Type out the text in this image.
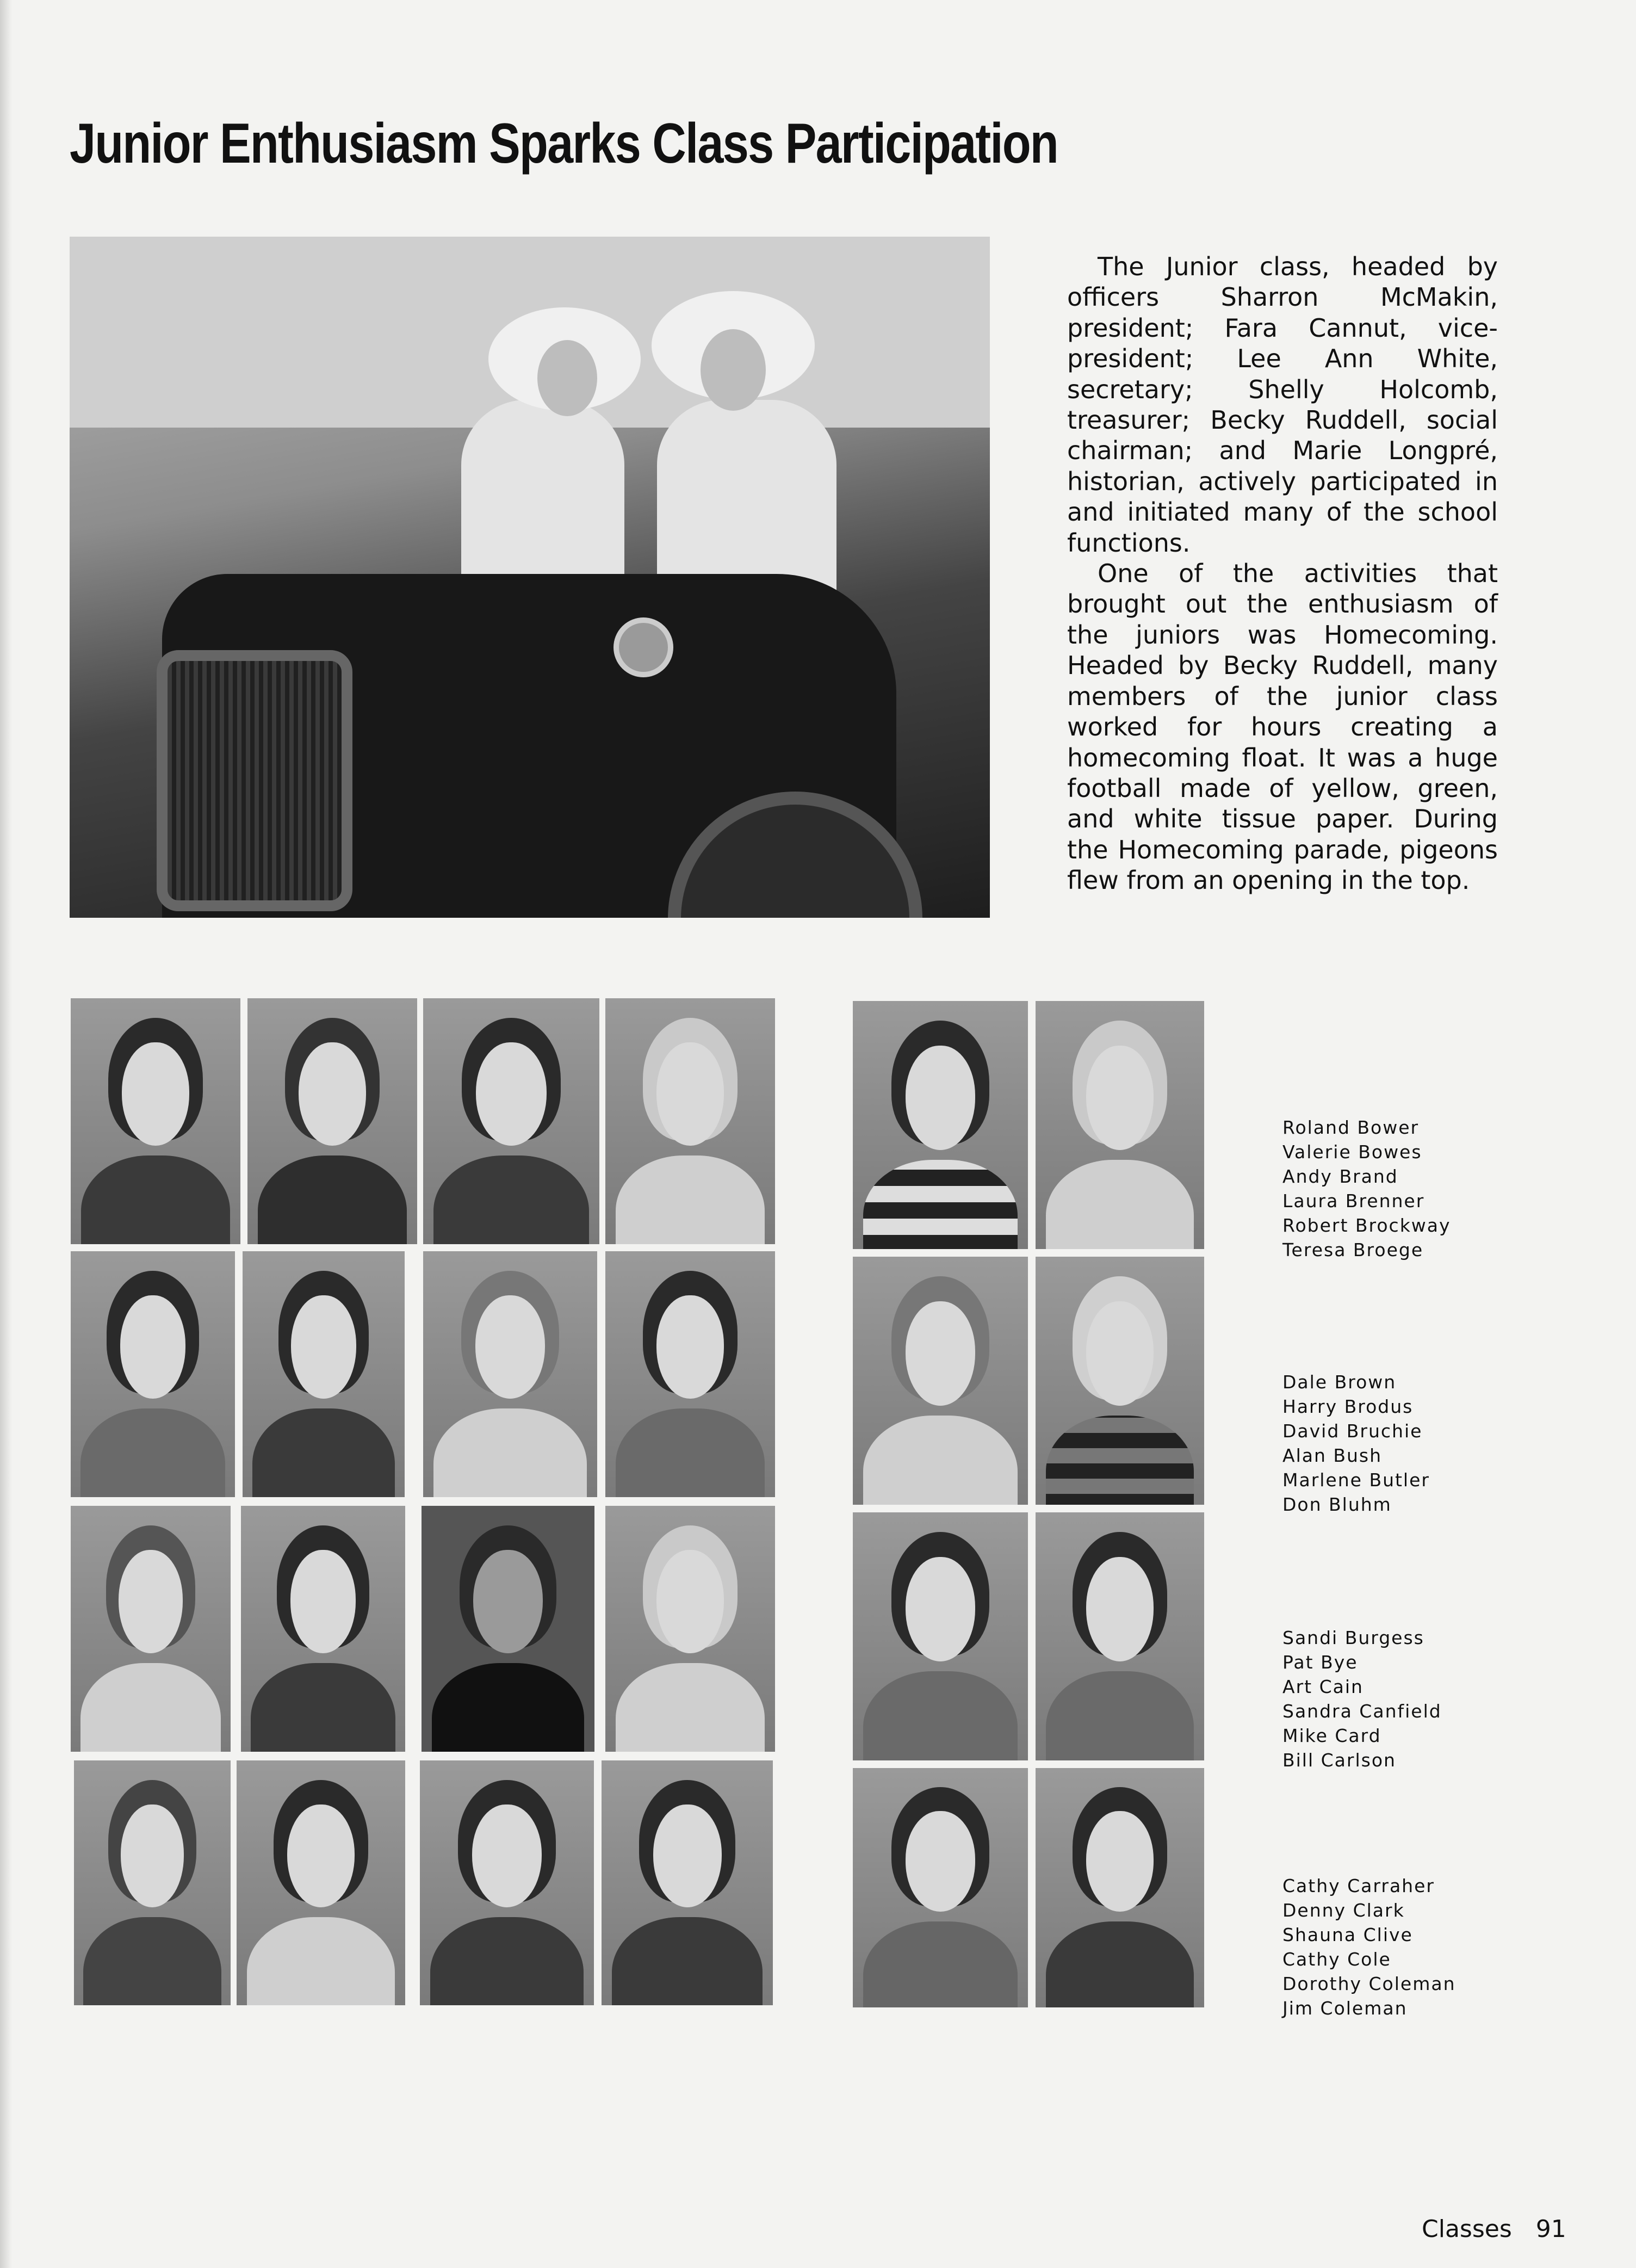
Junior Enthusiasm Sparks Class Participation

The Junior class, headed by officers Sharron McMakin, president; Fara Cannut, vice-president; Lee Ann White, secretary; Shelly Holcomb, treasurer; Becky Ruddell, social chairman; and Marie Longpré, historian, actively participated in and initiated many of the school functions.

One of the activities that brought out the enthusiasm of the juniors was Homecoming. Headed by Becky Ruddell, many members of the junior class worked for hours creating a homecoming float. It was a huge football made of yellow, green, and white tissue paper. During the Homecoming parade, pigeons flew from an opening in the top.

Roland Bower
Valerie Bowes
Andy Brand
Laura Brenner
Robert Brockway
Teresa Broege
Dale Brown
Harry Brodus
David Bruchie
Alan Bush
Marlene Butler
Don Bluhm
Sandi Burgess
Pat Bye
Art Cain
Sandra Canfield
Mike Card
Bill Carlson
Cathy Carraher
Denny Clark
Shauna Clive
Cathy Cole
Dorothy Coleman
Jim Coleman
Classes 91
